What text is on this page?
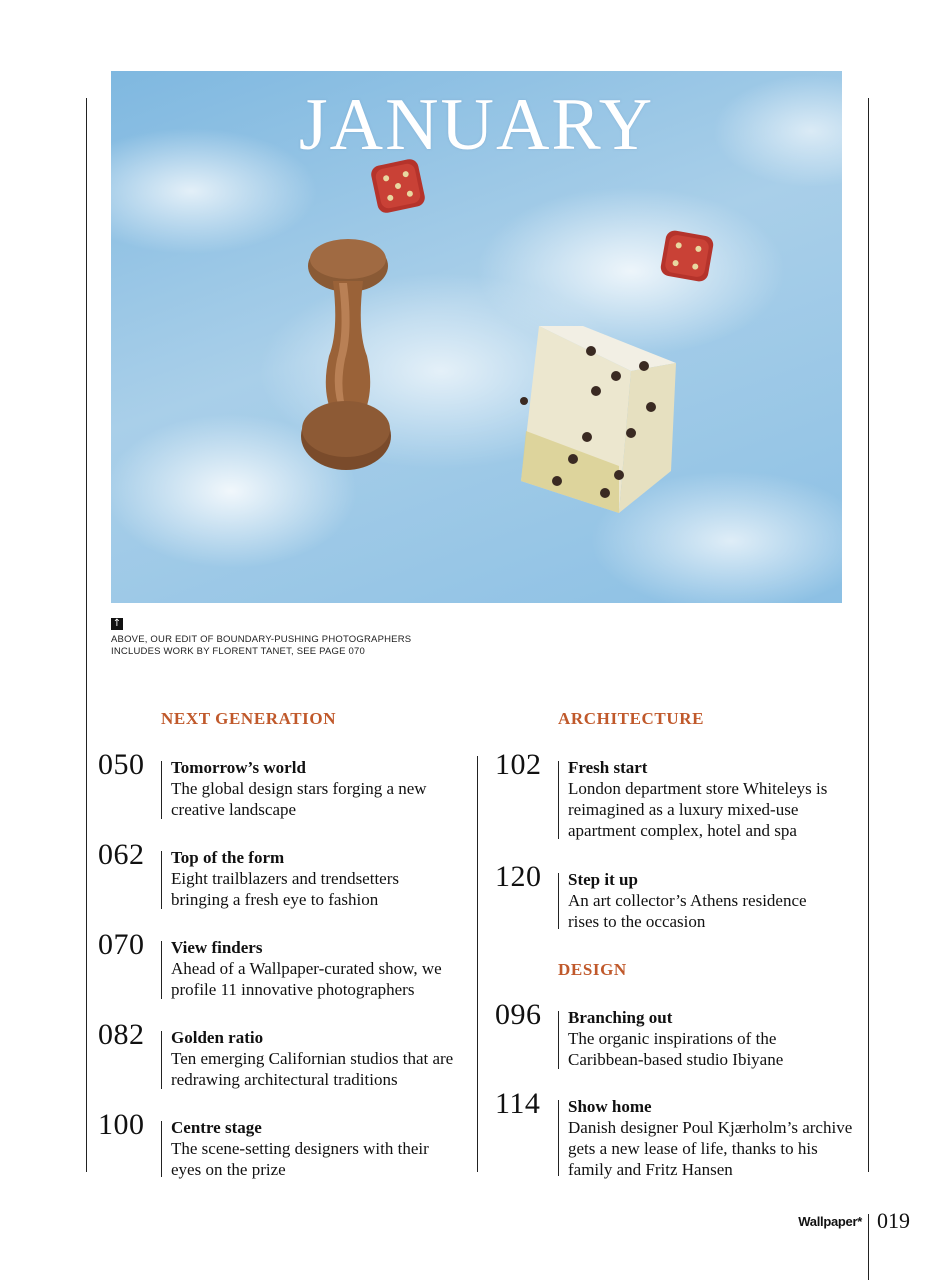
JANUARY
↑
ABOVE, OUR EDIT OF BOUNDARY-PUSHING PHOTOGRAPHERS INCLUDES WORK BY FLORENT TANET, SEE PAGE 070
NEXT GENERATION
050 Tomorrow’s world
The global design stars forging a new creative landscape
062 Top of the form
Eight trailblazers and trendsetters bringing a fresh eye to fashion
070 View finders
Ahead of a Wallpaper-curated show, we profile 11 innovative photographers
082 Golden ratio
Ten emerging Californian studios that are redrawing architectural traditions
100 Centre stage
The scene-setting designers with their eyes on the prize
ARCHITECTURE
102 Fresh start
London department store Whiteleys is reimagined as a luxury mixed-use apartment complex, hotel and spa
120 Step it up
An art collector’s Athens residence rises to the occasion
DESIGN
096 Branching out
The organic inspirations of the Caribbean-based studio Ibiyane
114 Show home
Danish designer Poul Kjærholm’s archive gets a new lease of life, thanks to his family and Fritz Hansen
Wallpaper* 019
